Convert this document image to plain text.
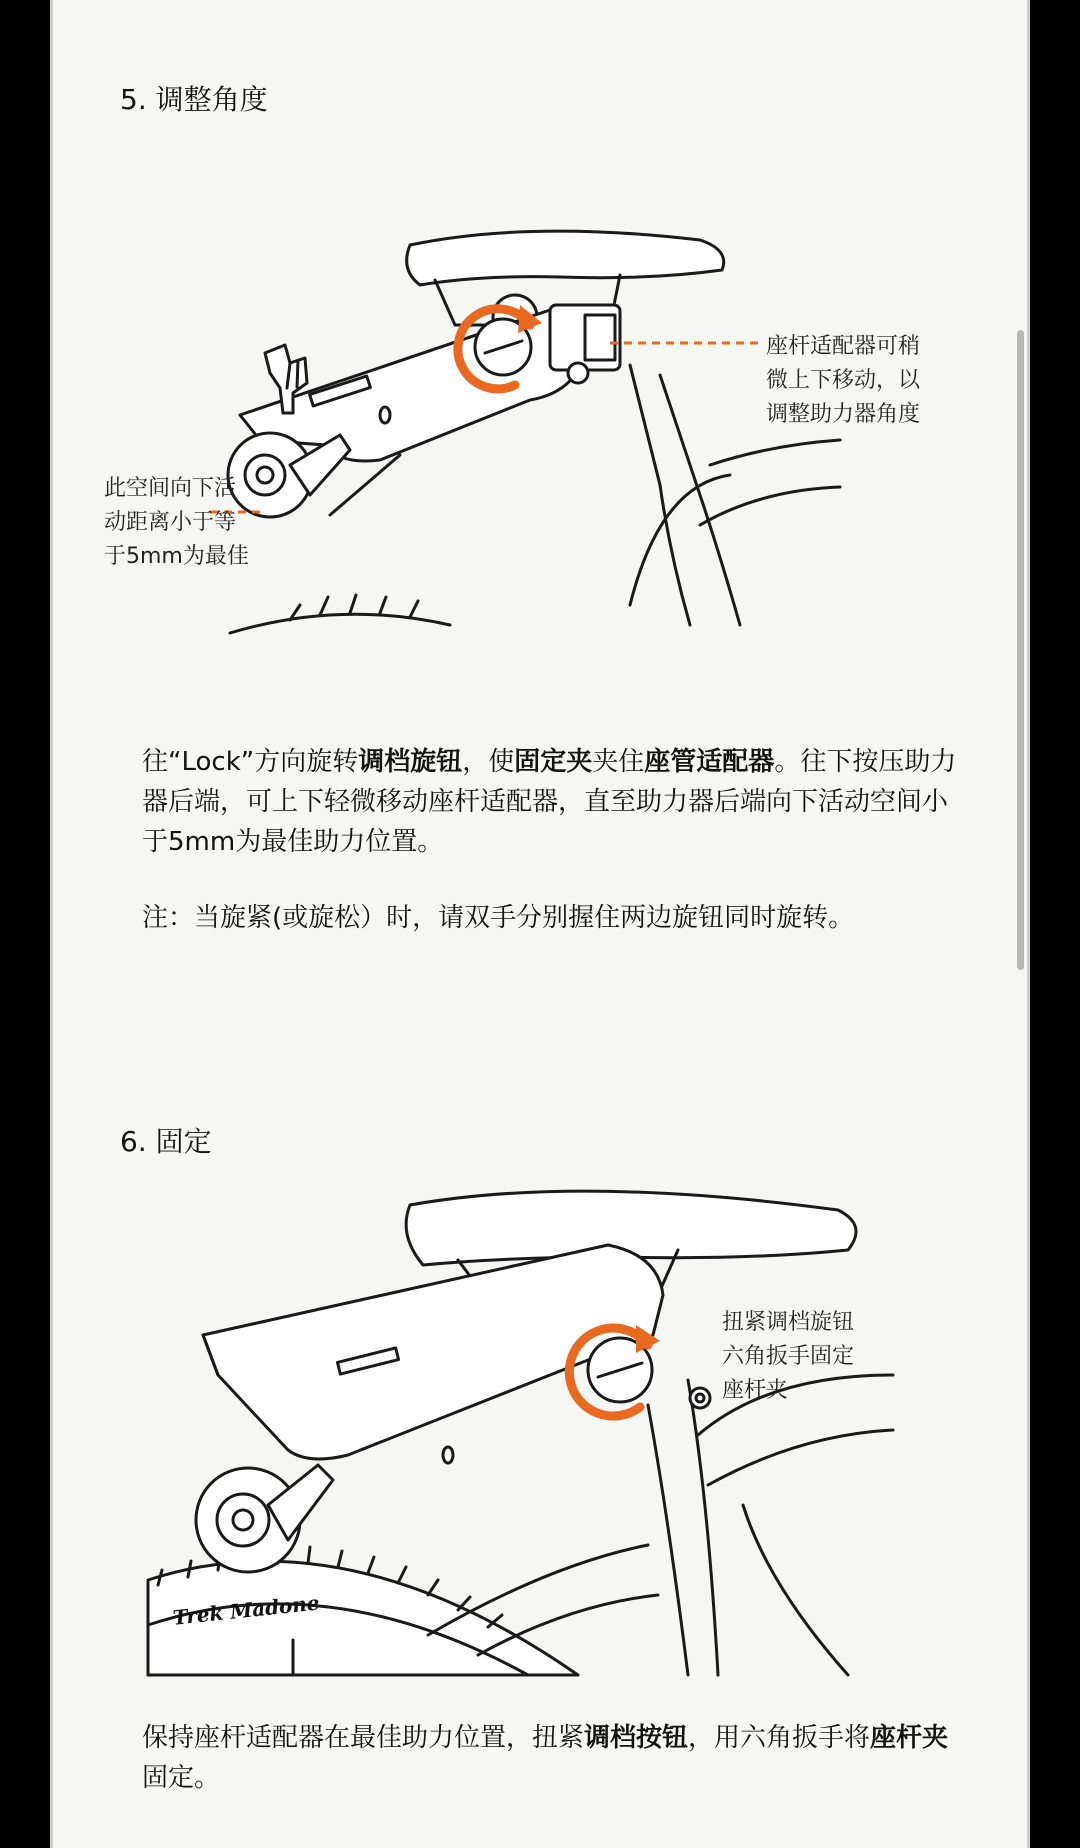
5. 调整角度
座杆适配器可稍
微上下移动，以
调整助力器角度
此空间向下活
动距离小于等
于5mm为最佳
往“Lock”方向旋转调档旋钮，使固定夹夹住座管适配器。往下按压助力器后端，可上下轻微移动座杆适配器，直至助力器后端向下活动空间小于5mm为最佳助力位置。
注：当旋紧(或旋松）时，请双手分别握住两边旋钮同时旋转。
6. 固定
Trek Madone
扭紧调档旋钮
六角扳手固定
座杆夹
保持座杆适配器在最佳助力位置，扭紧调档按钮，用六角扳手将座杆夹固定。
